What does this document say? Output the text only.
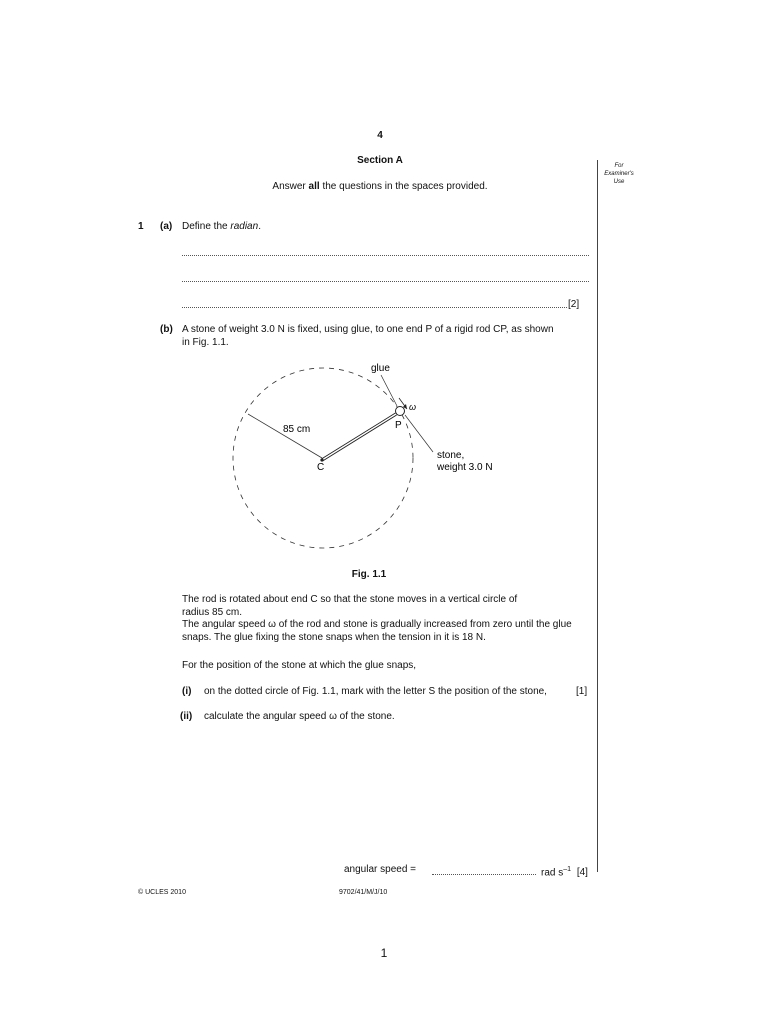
4
Section A
Answer all the questions in the spaces provided.
For
Examiner's
Use
1 (a) Define the radian.
[2]
(b) A stone of weight 3.0 N is fixed, using glue, to one end P of a rigid rod CP, as shown
in Fig. 1.1.
glue
ω
85 cm	P
C
stone,
weight 3.0 N
Fig. 1.1
The rod is rotated about end C so that the stone moves in a vertical circle of
radius 85 cm.
The angular speed ω of the rod and stone is gradually increased from zero until the glue
snaps. The glue fixing the stone snaps when the tension in it is 18 N.
For the position of the stone at which the glue snaps,
(i) on the dotted circle of Fig. 1.1, mark with the letter S the position of the stone,	[1]
(ii) calculate the angular speed ω of the stone.
angular speed =	rad $s^{-1}$ [4]
© UCLES 2010	9702/41/M/J/10
1
